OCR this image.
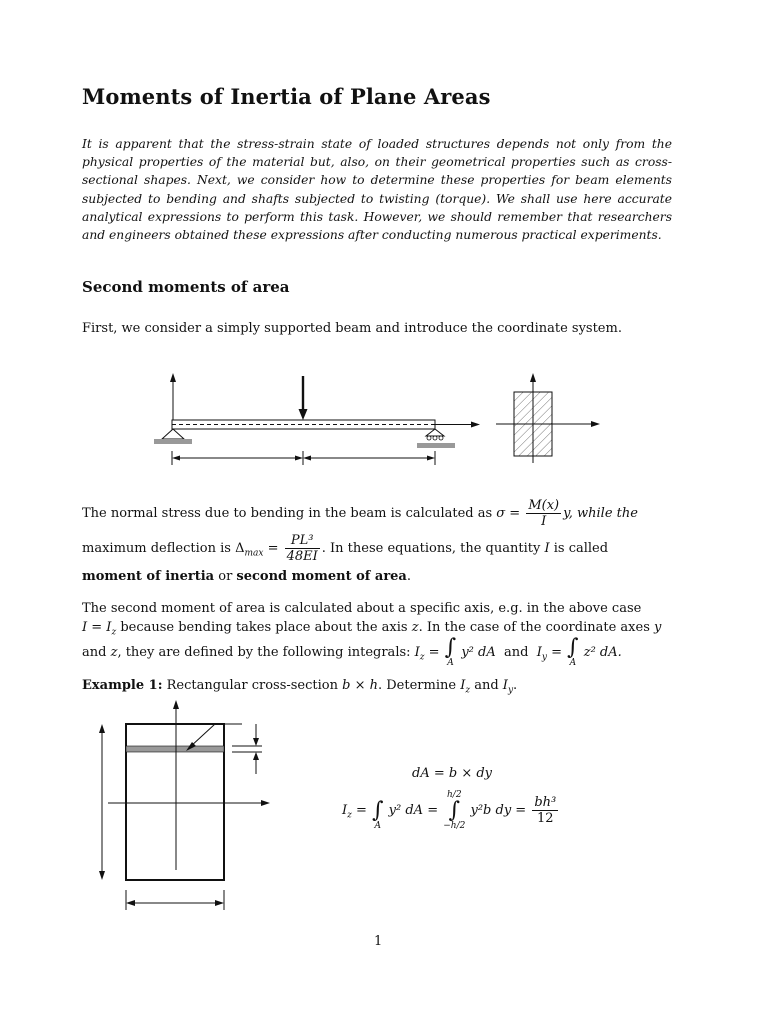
Moments of Inertia of Plane Areas

It is apparent that the stress-strain state of loaded structures depends not only from the physical properties of the material but, also, on their geometrical properties such as cross-sectional shapes. Next, we consider how to determine these properties for beam elements subjected to bending and shafts subjected to twisting (torque). We shall use here accurate analytical expressions to perform this task. However, we should remember that researchers and engineers obtained these expressions after conducting numerous practical experiments.

Second moments of area

First, we consider a simply supported beam and introduce the coordinate system.

The normal stress due to bending in the beam is calculated as $\sigma = \frac{M(x)}{I} y$, while the
maximum deflection is $\Delta_{max} = \frac{\text{PL³}}{48EI}$ . In these equations, the quantity I is called
moment of inertia or second moment of area.
The second moment of area is calculated about a specific axis, e.g. in the above case
$I = I_z$ because bending takes place about the axis z. In the case of the coordinate axes y
and z, they are defined by the following integrals: $I_z$ = ∫
A
y² dA  and  $I_y$ = ∫
A
z² dA.
Example 1: Rectangular cross-section b × h. Determine $I_z$ and $I_y$.
dA = b × dy
$I_z$ = ∫
A
y² dA =
h/2
∫
−h/2
y²b dy = $\frac{\text{bh³}}{12}$
1
